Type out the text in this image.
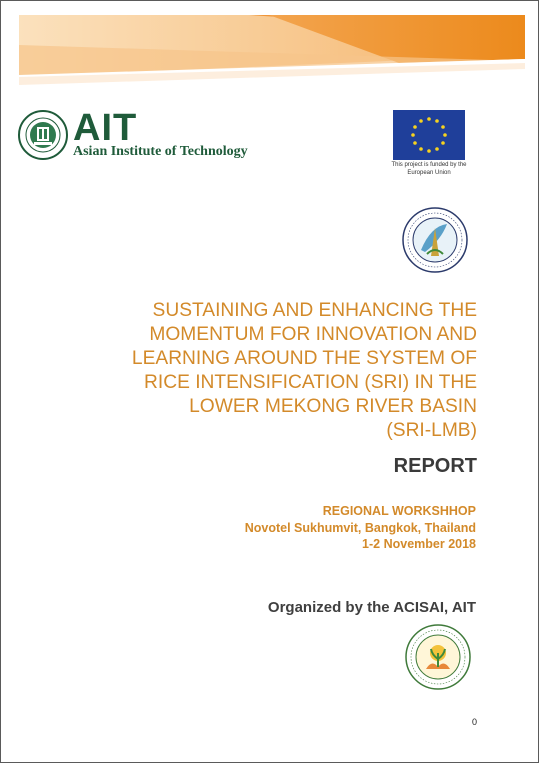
AIT
Asian Institute of Technology
This project is funded by the European Union
SUSTAINING AND ENHANCING THE
MOMENTUM FOR INNOVATION AND
LEARNING AROUND THE SYSTEM OF
RICE INTENSIFICATION (SRI) IN THE
LOWER MEKONG RIVER BASIN
(SRI-LMB)
REPORT
REGIONAL WORKSHHOP
Novotel Sukhumvit, Bangkok, Thailand
1-2 November 2018
Organized by the ACISAI, AIT
0
